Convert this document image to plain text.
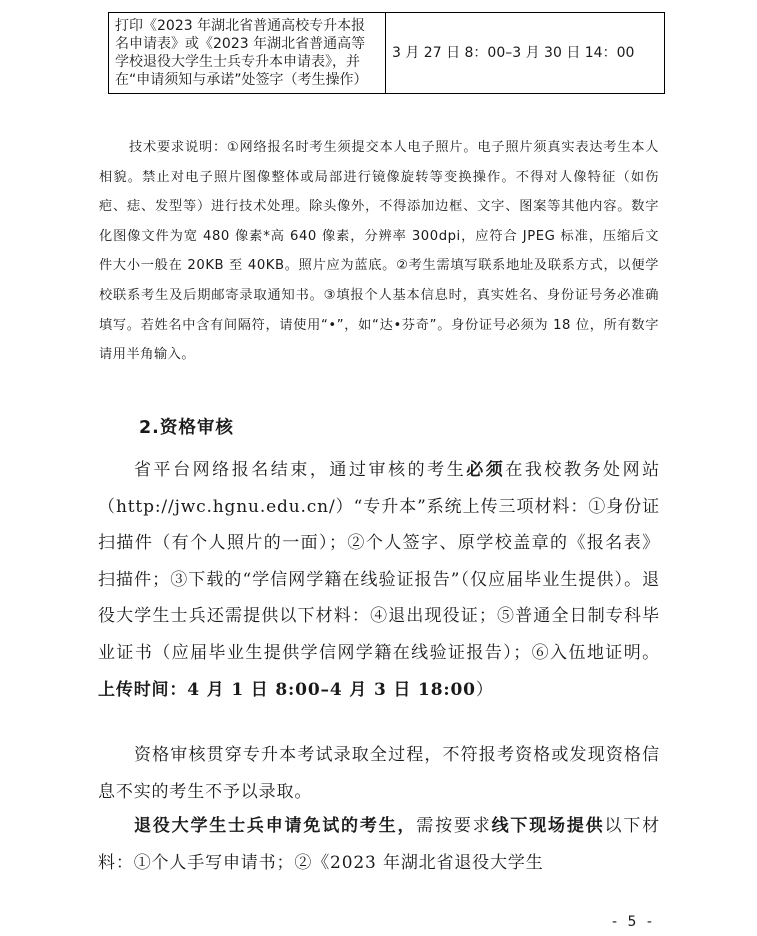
打印《2023 年湖北省普通高校专升本报名申请表》或《2023 年湖北省普通高等学校退役大学生士兵专升本申请表》，并在“申请须知与承诺”处签字（考生操作）	3 月 27 日 8：00–3 月 30 日 14：00

技术要求说明：①网络报名时考生须提交本人电子照片。电子照片须真实表达考生本人相貌。禁止对电子照片图像整体或局部进行镜像旋转等变换操作。不得对人像特征（如伤疤、痣、发型等）进行技术处理。除头像外，不得添加边框、文字、图案等其他内容。数字化图像文件为宽 480 像素*高 640 像素，分辨率 300dpi，应符合 JPEG 标准，压缩后文件大小一般在 20KB 至 40KB。照片应为蓝底。②考生需填写联系地址及联系方式，以便学校联系考生及后期邮寄录取通知书。③填报个人基本信息时，真实姓名、身份证号务必准确填写。若姓名中含有间隔符，请使用“•”，如“达•芬奇”。身份证号必须为 18 位，所有数字请用半角输入。

2.资格审核

省平台网络报名结束，通过审核的考生必须在我校教务处网站（http://jwc.hgnu.edu.cn/）“专升本”系统上传三项材料：①身份证扫描件（有个人照片的一面）；②个人签字、原学校盖章的《报名表》扫描件；③下载的“学信网学籍在线验证报告”（仅应届毕业生提供）。退役大学生士兵还需提供以下材料：④退出现役证；⑤普通全日制专科毕业证书（应届毕业生提供学信网学籍在线验证报告）；⑥入伍地证明。上传时间：4 月 1 日 8:00–4 月 3 日 18:00）

资格审核贯穿专升本考试录取全过程，不符报考资格或发现资格信息不实的考生不予以录取。

退役大学生士兵申请免试的考生，需按要求线下现场提供以下材料：①个人手写申请书；②《2023 年湖北省退役大学生

- 5 -
